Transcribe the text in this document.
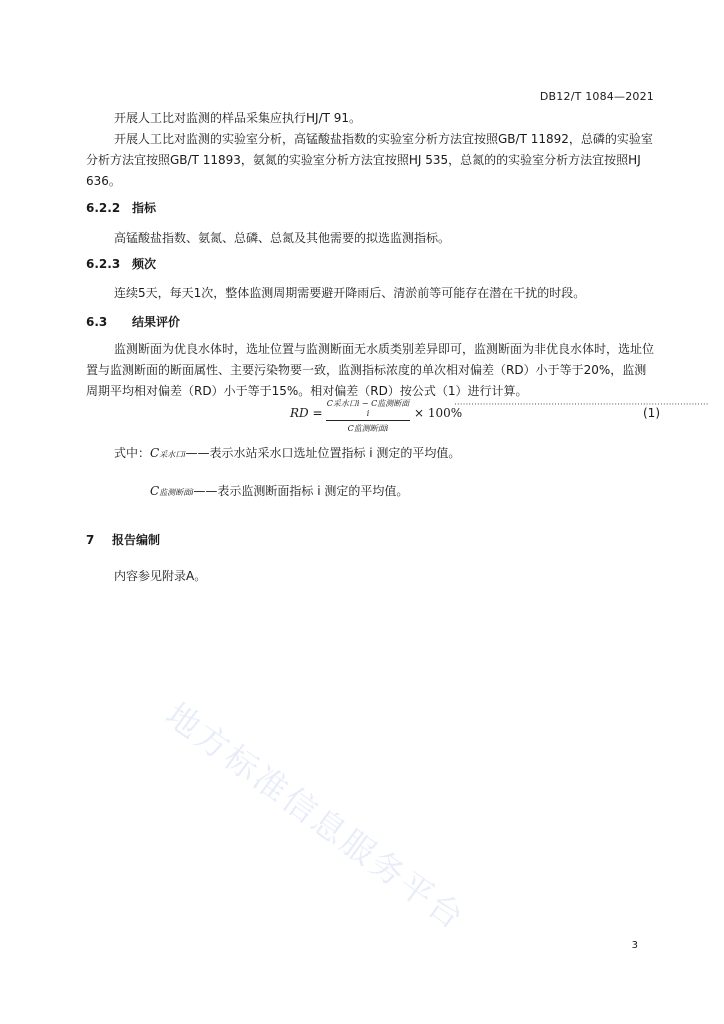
DB12/T 1084—2021
开展人工比对监测的样品采集应执行HJ/T 91。
开展人工比对监测的实验室分析，高锰酸盐指数的实验室分析方法宜按照GB/T 11892，总磷的实验室分析方法宜按照GB/T 11893，氨氮的实验室分析方法宜按照HJ 535，总氮的的实验室分析方法宜按照HJ 636。
6.2.2 指标
高锰酸盐指数、氨氮、总磷、总氮及其他需要的拟选监测指标。
6.2.3 频次
连续5天，每天1次，整体监测周期需要避开降雨后、清淤前等可能存在潜在干扰的时段。
6.3 结果评价
监测断面为优良水体时，选址位置与监测断面无水质类别差异即可，监测断面为非优良水体时，选址位置与监测断面的断面属性、主要污染物要一致，监测指标浓度的单次相对偏差（RD）小于等于20%，监测周期平均相对偏差（RD）小于等于15%。相对偏差（RD）按公式（1）进行计算。
RD =
C采水口i − C监测断面i
C监测断面i
× 100%
·························································································
(1)
式中：C采水口i——表示水站采水口选址位置指标 i 测定的平均值。
C监测断面i——表示监测断面指标 i 测定的平均值。
7 报告编制
内容参见附录A。
地方标准信息服务平台
3
